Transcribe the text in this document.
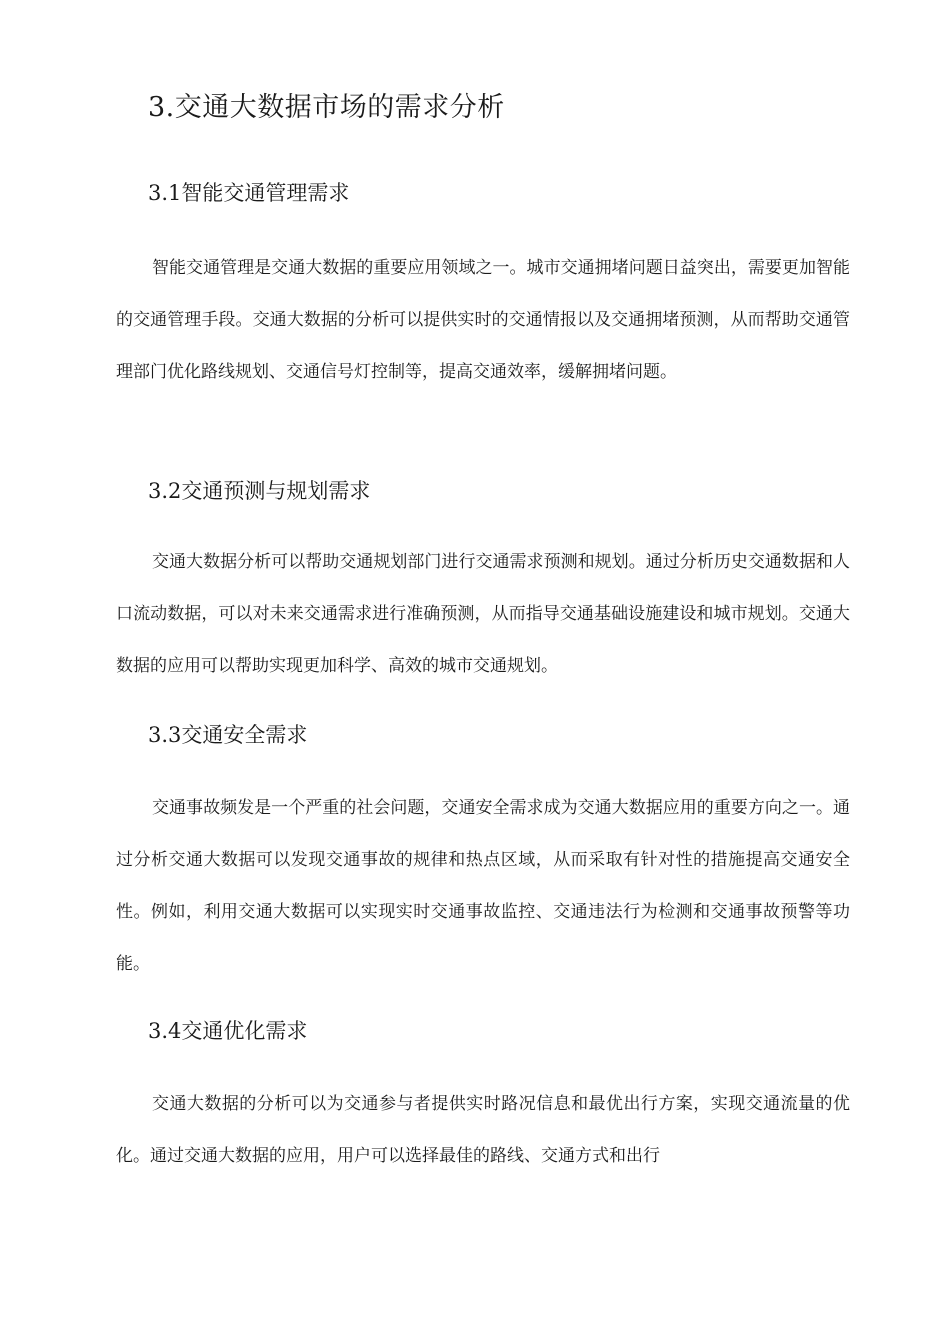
3.交通大数据市场的需求分析
3.1智能交通管理需求

智能交通管理是交通大数据的重要应用领域之一。城市交通拥堵问题日益突出，需要更加智能的交通管理手段。交通大数据的分析可以提供实时的交通情报以及交通拥堵预测，从而帮助交通管理部门优化路线规划、交通信号灯控制等，提高交通效率，缓解拥堵问题。

3.2交通预测与规划需求

交通大数据分析可以帮助交通规划部门进行交通需求预测和规划。通过分析历史交通数据和人口流动数据，可以对未来交通需求进行准确预测，从而指导交通基础设施建设和城市规划。交通大数据的应用可以帮助实现更加科学、高效的城市交通规划。

3.3交通安全需求

交通事故频发是一个严重的社会问题，交通安全需求成为交通大数据应用的重要方向之一。通过分析交通大数据可以发现交通事故的规律和热点区域，从而采取有针对性的措施提高交通安全性。例如，利用交通大数据可以实现实时交通事故监控、交通违法行为检测和交通事故预警等功能。

3.4交通优化需求

交通大数据的分析可以为交通参与者提供实时路况信息和最优出行方案，实现交通流量的优化。通过交通大数据的应用，用户可以选择最佳的路线、交通方式和出行
